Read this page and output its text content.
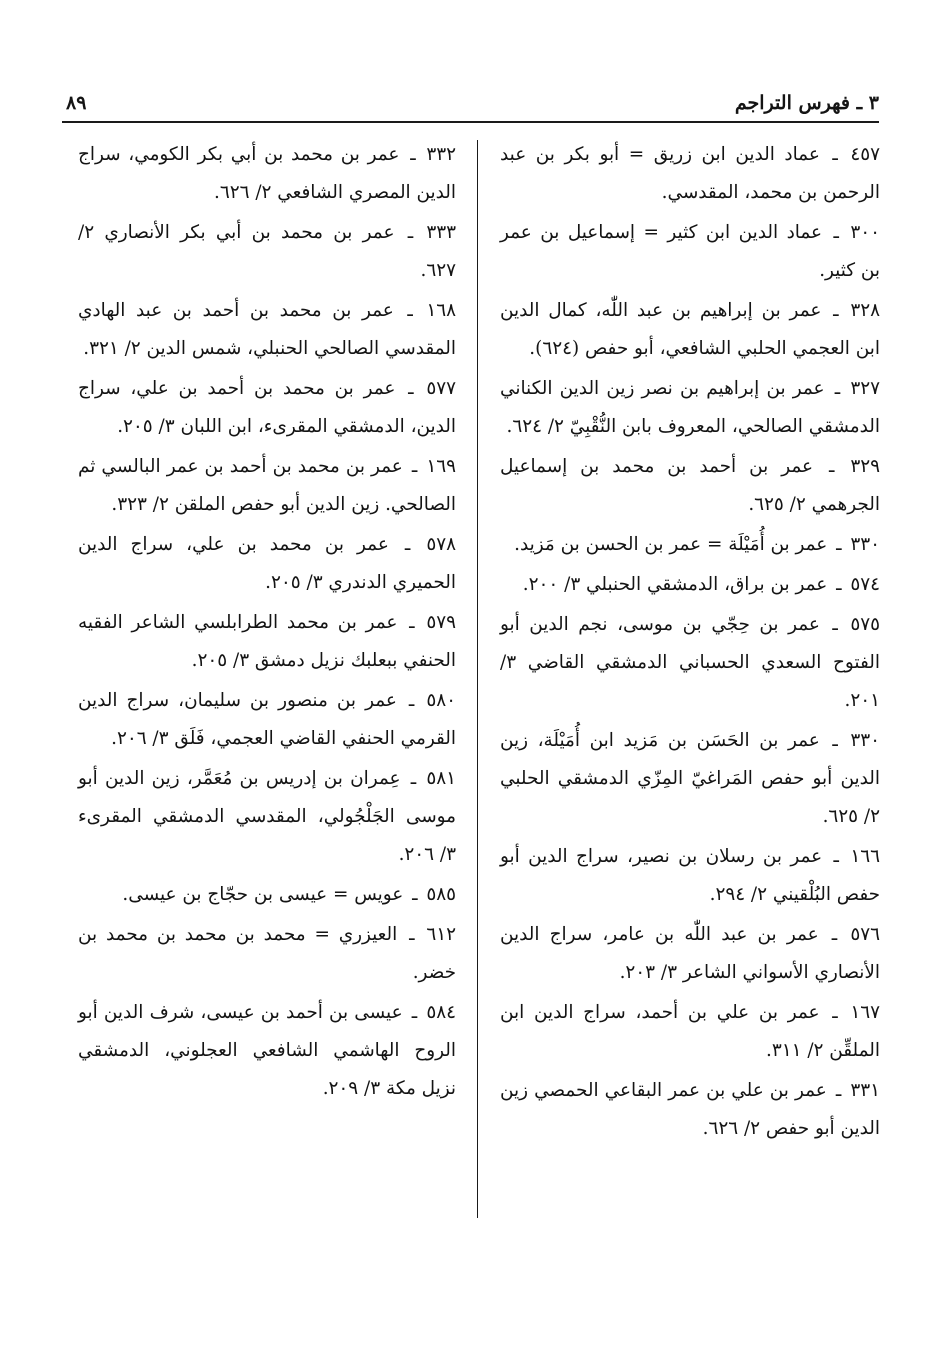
٣ ـ فهرس التراجم
٨٩

٤٥٧ ـ عماد الدين ابن زريق = أبو بكر بن عبد الرحمن بن محمد، المقدسي.

٣٠٠ ـ عماد الدين ابن كثير = إسماعيل بن عمر بن كثير.

٣٢٨ ـ عمر بن إبراهيم بن عبد اللّٰه، كمال الدين ابن العجمي الحلبي الشافعي، أبو حفص (٦٢٤).

٣٢٧ ـ عمر بن إبراهيم بن نصر زين الدين الكناني الدمشقي الصالحي، المعروف بابن النُّقْبِيّ ٢/ ٦٢٤.

٣٢٩ ـ عمر بن أحمد بن محمد بن إسماعيل الجرهمي ٢/ ٦٢٥.

٣٣٠ ـ عمر بن أُمَيْلَة = عمر بن الحسن بن مَزيد.

٥٧٤ ـ عمر بن براق، الدمشقي الحنبلي ٣/ ٢٠٠.

٥٧٥ ـ عمر بن حِجّي بن موسى، نجم الدين أبو الفتوح السعدي الحسباني الدمشقي القاضي ٣/ ٢٠١.

٣٣٠ ـ عمر بن الحَسَن بن مَزيد ابن أُمَيْلَة، زين الدين أبو حفص المَراغيّ المِزّي الدمشقي الحلبي ٢/ ٦٢٥.

١٦٦ ـ عمر بن رسلان بن نصير، سراج الدين أبو حفص البُلْقيني ٢/ ٢٩٤.

٥٧٦ ـ عمر بن عبد اللّٰه بن عامر، سراج الدين الأنصاري الأسواني الشاعر ٣/ ٢٠٣.

١٦٧ ـ عمر بن علي بن أحمد، سراج الدين ابن الملقِّن ٢/ ٣١١.

٣٣١ ـ عمر بن علي بن عمر البقاعي الحمصي زين الدين أبو حفص ٢/ ٦٢٦.

٣٣٢ ـ عمر بن محمد بن أبي بكر الكومي، سراج الدين المصري الشافعي ٢/ ٦٢٦.

٣٣٣ ـ عمر بن محمد بن أبي بكر الأنصاري ٢/ ٦٢٧.

١٦٨ ـ عمر بن محمد بن أحمد بن عبد الهادي المقدسي الصالحي الحنبلي، شمس الدين ٢/ ٣٢١.

٥٧٧ ـ عمر بن محمد بن أحمد بن علي، سراج الدين، الدمشقي المقرىء، ابن اللبان ٣/ ٢٠٥.

١٦٩ ـ عمر بن محمد بن أحمد بن عمر البالسي ثم الصالحي. زين الدين أبو حفص الملقن ٢/ ٣٢٣.

٥٧٨ ـ عمر بن محمد بن علي، سراج الدين الحميري الدندري ٣/ ٢٠٥.

٥٧٩ ـ عمر بن محمد الطرابلسي الشاعر الفقيه الحنفي ببعلبك نزيل دمشق ٣/ ٢٠٥.

٥٨٠ ـ عمر بن منصور بن سليمان، سراج الدين القرمي الحنفي القاضي العجمي، فَلَق ٣/ ٢٠٦.

٥٨١ ـ عِمران بن إدريس بن مُعَمَّر، زين الدين أبو موسى الجَلْجُولي، المقدسي الدمشقي المقرىء ٣/ ٢٠٦.

٥٨٥ ـ عويس = عيسى بن حجّاج بن عيسى.

٦١٢ ـ العيزري = محمد بن محمد بن محمد بن خضر.

٥٨٤ ـ عيسى بن أحمد بن عيسى، شرف الدين أبو الروح الهاشمي الشافعي العجلوني، الدمشقي نزيل مكة ٣/ ٢٠٩.
